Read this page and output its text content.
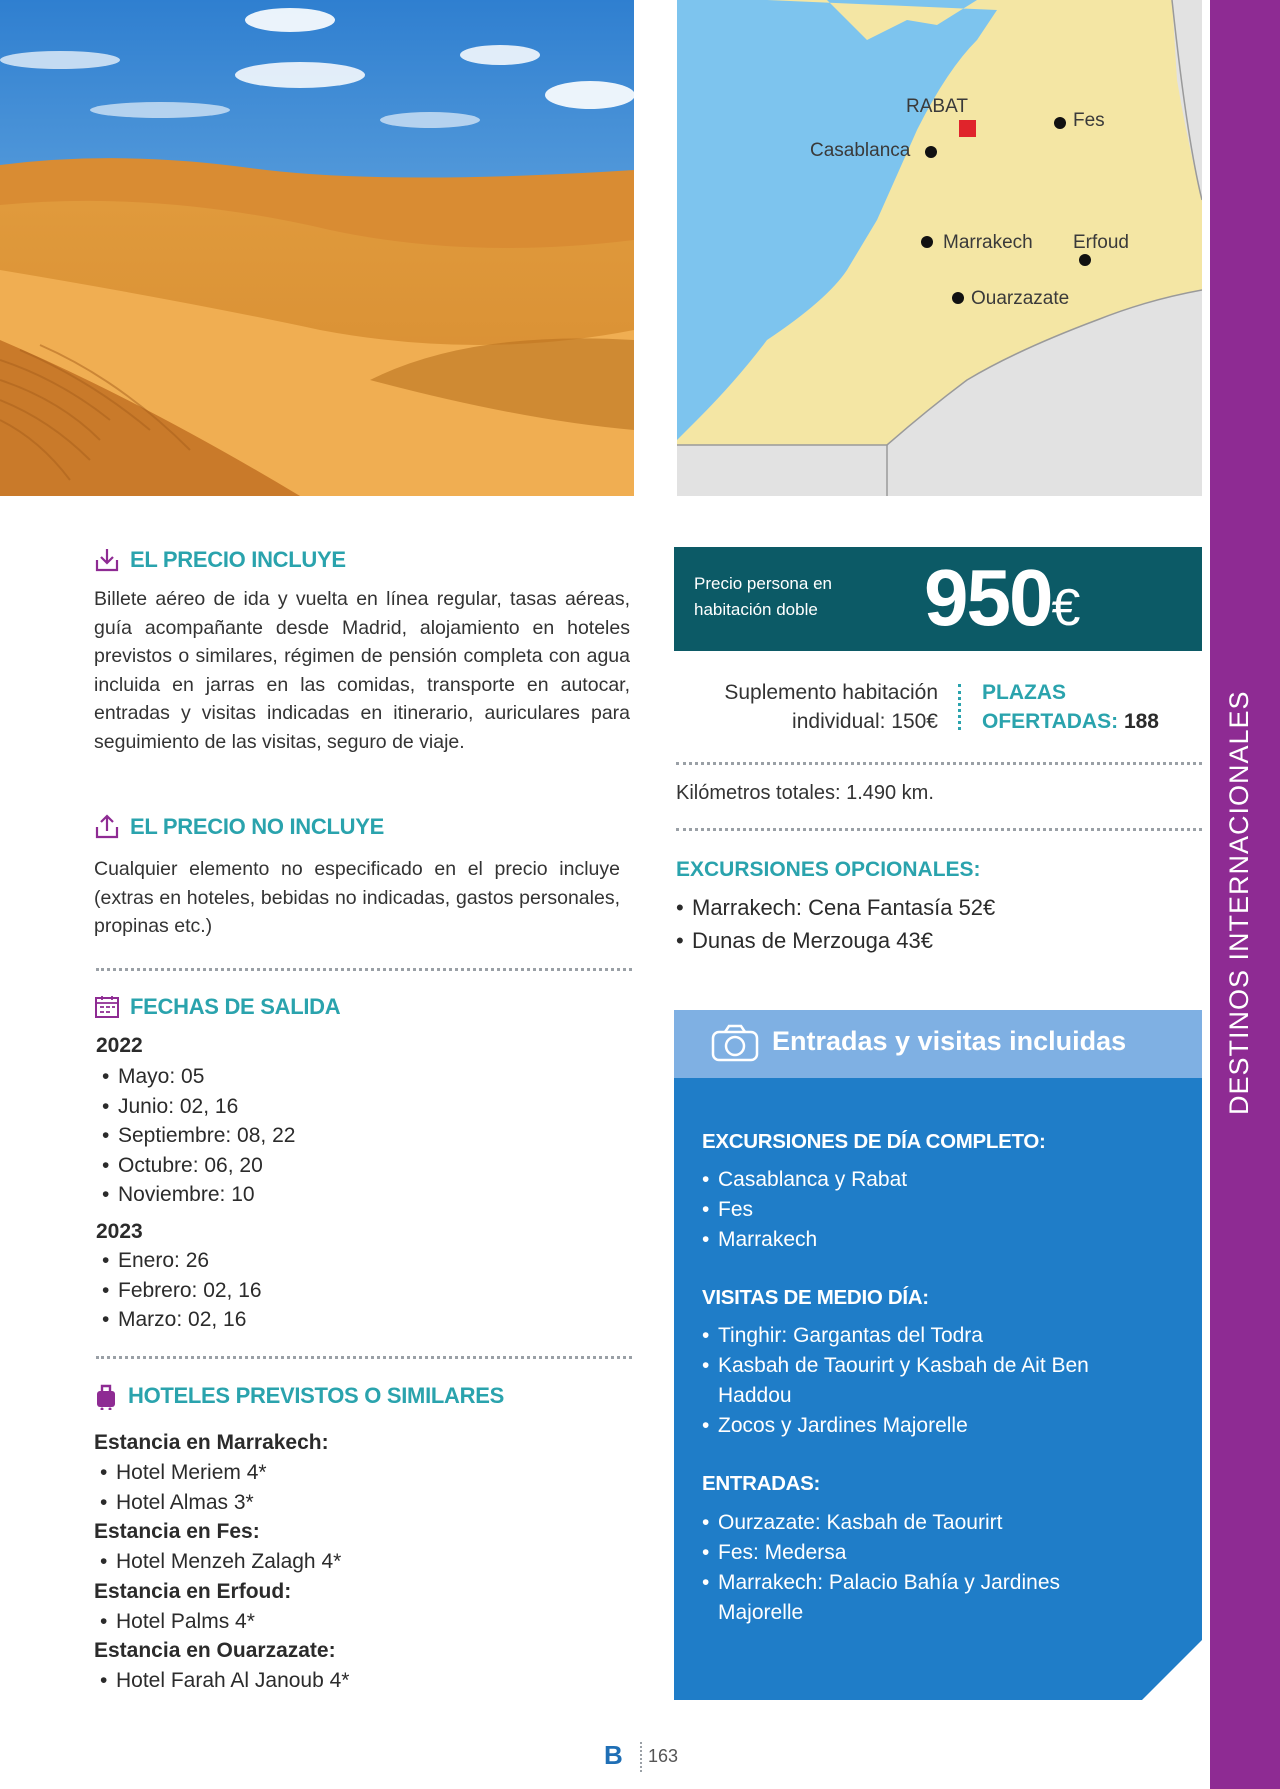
RABAT
Fes
Casablanca
Marrakech Erfoud
Ouarzazate
DESTINOS INTERNACIONALES
EL PRECIO INCLUYE
Billete aéreo de ida y vuelta en línea regular, tasas aéreas, guía acompañante desde Madrid, alojamiento en hoteles previstos o similares, régimen de pensión completa con agua incluida en jarras en las comidas, transporte en autocar, entradas y visitas indicadas en itinerario, auriculares para seguimiento de las visitas, seguro de viaje.
EL PRECIO NO INCLUYE
Cualquier elemento no especificado en el precio incluye (extras en hoteles, bebidas no indicadas, gastos personales, propinas etc.)
FECHAS DE SALIDA
2022
• Mayo: 05
• Junio: 02, 16
• Septiembre: 08, 22
• Octubre: 06, 20
• Noviembre: 10
2023
• Enero: 26
• Febrero: 02, 16
• Marzo: 02, 16
HOTELES PREVISTOS O SIMILARES
Estancia en Marrakech:
• Hotel Meriem 4*
• Hotel Almas 3*
Estancia en Fes:
• Hotel Menzeh Zalagh 4*
Estancia en Erfoud:
• Hotel Palms 4*
Estancia en Ouarzazate:
• Hotel Farah Al Janoub 4*
Precio persona en habitación doble	950€
Suplemento habitación
individual: 150€
PLAZAS
OFERTADAS: 188
Kilómetros totales: 1.490 km.
EXCURSIONES OPCIONALES:
• Marrakech: Cena Fantasía 52€
• Dunas de Merzouga 43€
Entradas y visitas incluidas
EXCURSIONES DE DÍA COMPLETO:
• Casablanca y Rabat
• Fes
• Marrakech
VISITAS DE MEDIO DÍA:
• Tinghir: Gargantas del Todra
• Kasbah de Taourirt y Kasbah de Ait Ben Haddou
• Zocos y Jardines Majorelle
ENTRADAS:
• Ourzazate: Kasbah de Taourirt
• Fes: Medersa
• Marrakech: Palacio Bahía y Jardines Majorelle
B 163
